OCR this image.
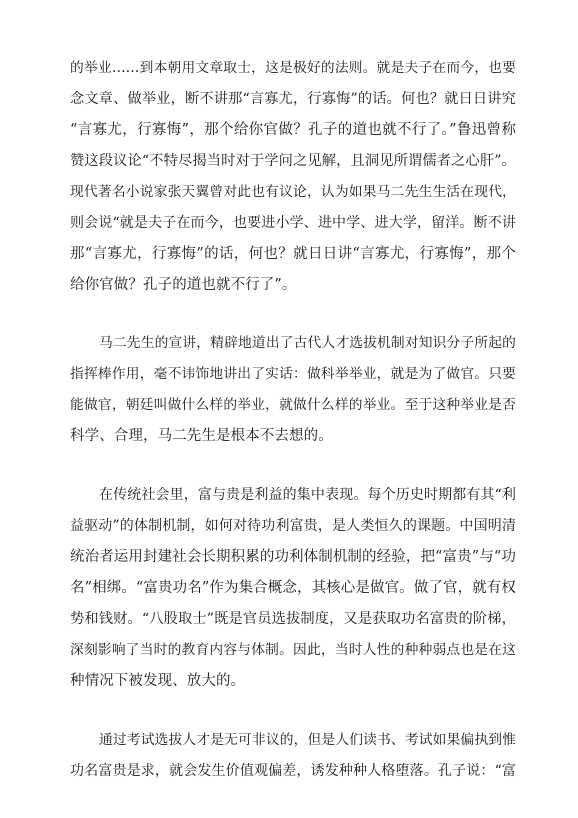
的举业……到本朝用文章取士，这是极好的法则。就是夫子在而今，也要
念文章、做举业，断不讲那“言寡尤，行寡悔”的话。何也？就日日讲究
“言寡尤，行寡悔”，那个给你官做？孔子的道也就不行了。”鲁迅曾称
赞这段议论“不特尽揭当时对于学问之见解，且洞见所谓儒者之心肝”。
现代著名小说家张天翼曾对此也有议论，认为如果马二先生生活在现代，
则会说“就是夫子在而今，也要进小学、进中学、进大学，留洋。断不讲
那“言寡尤，行寡悔”的话，何也？就日日讲“言寡尤，行寡悔”，那个
给你官做？孔子的道也就不行了”。
马二先生的宣讲，精辟地道出了古代人才选拔机制对知识分子所起的
指挥棒作用，毫不讳饰地讲出了实话：做科举举业，就是为了做官。只要
能做官，朝廷叫做什么样的举业，就做什么样的举业。至于这种举业是否
科学、合理，马二先生是根本不去想的。
在传统社会里，富与贵是利益的集中表现。每个历史时期都有其“利
益驱动”的体制机制，如何对待功利富贵，是人类恒久的课题。中国明清
统治者运用封建社会长期积累的功利体制机制的经验，把“富贵”与“功
名”相绑。“富贵功名”作为集合概念，其核心是做官。做了官，就有权
势和钱财。“八股取士”既是官员选拔制度，又是获取功名富贵的阶梯，
深刻影响了当时的教育内容与体制。因此，当时人性的种种弱点也是在这
种情况下被发现、放大的。
通过考试选拔人才是无可非议的，但是人们读书、考试如果偏执到惟
功名富贵是求，就会发生价值观偏差，诱发种种人格堕落。孔子说：“富
